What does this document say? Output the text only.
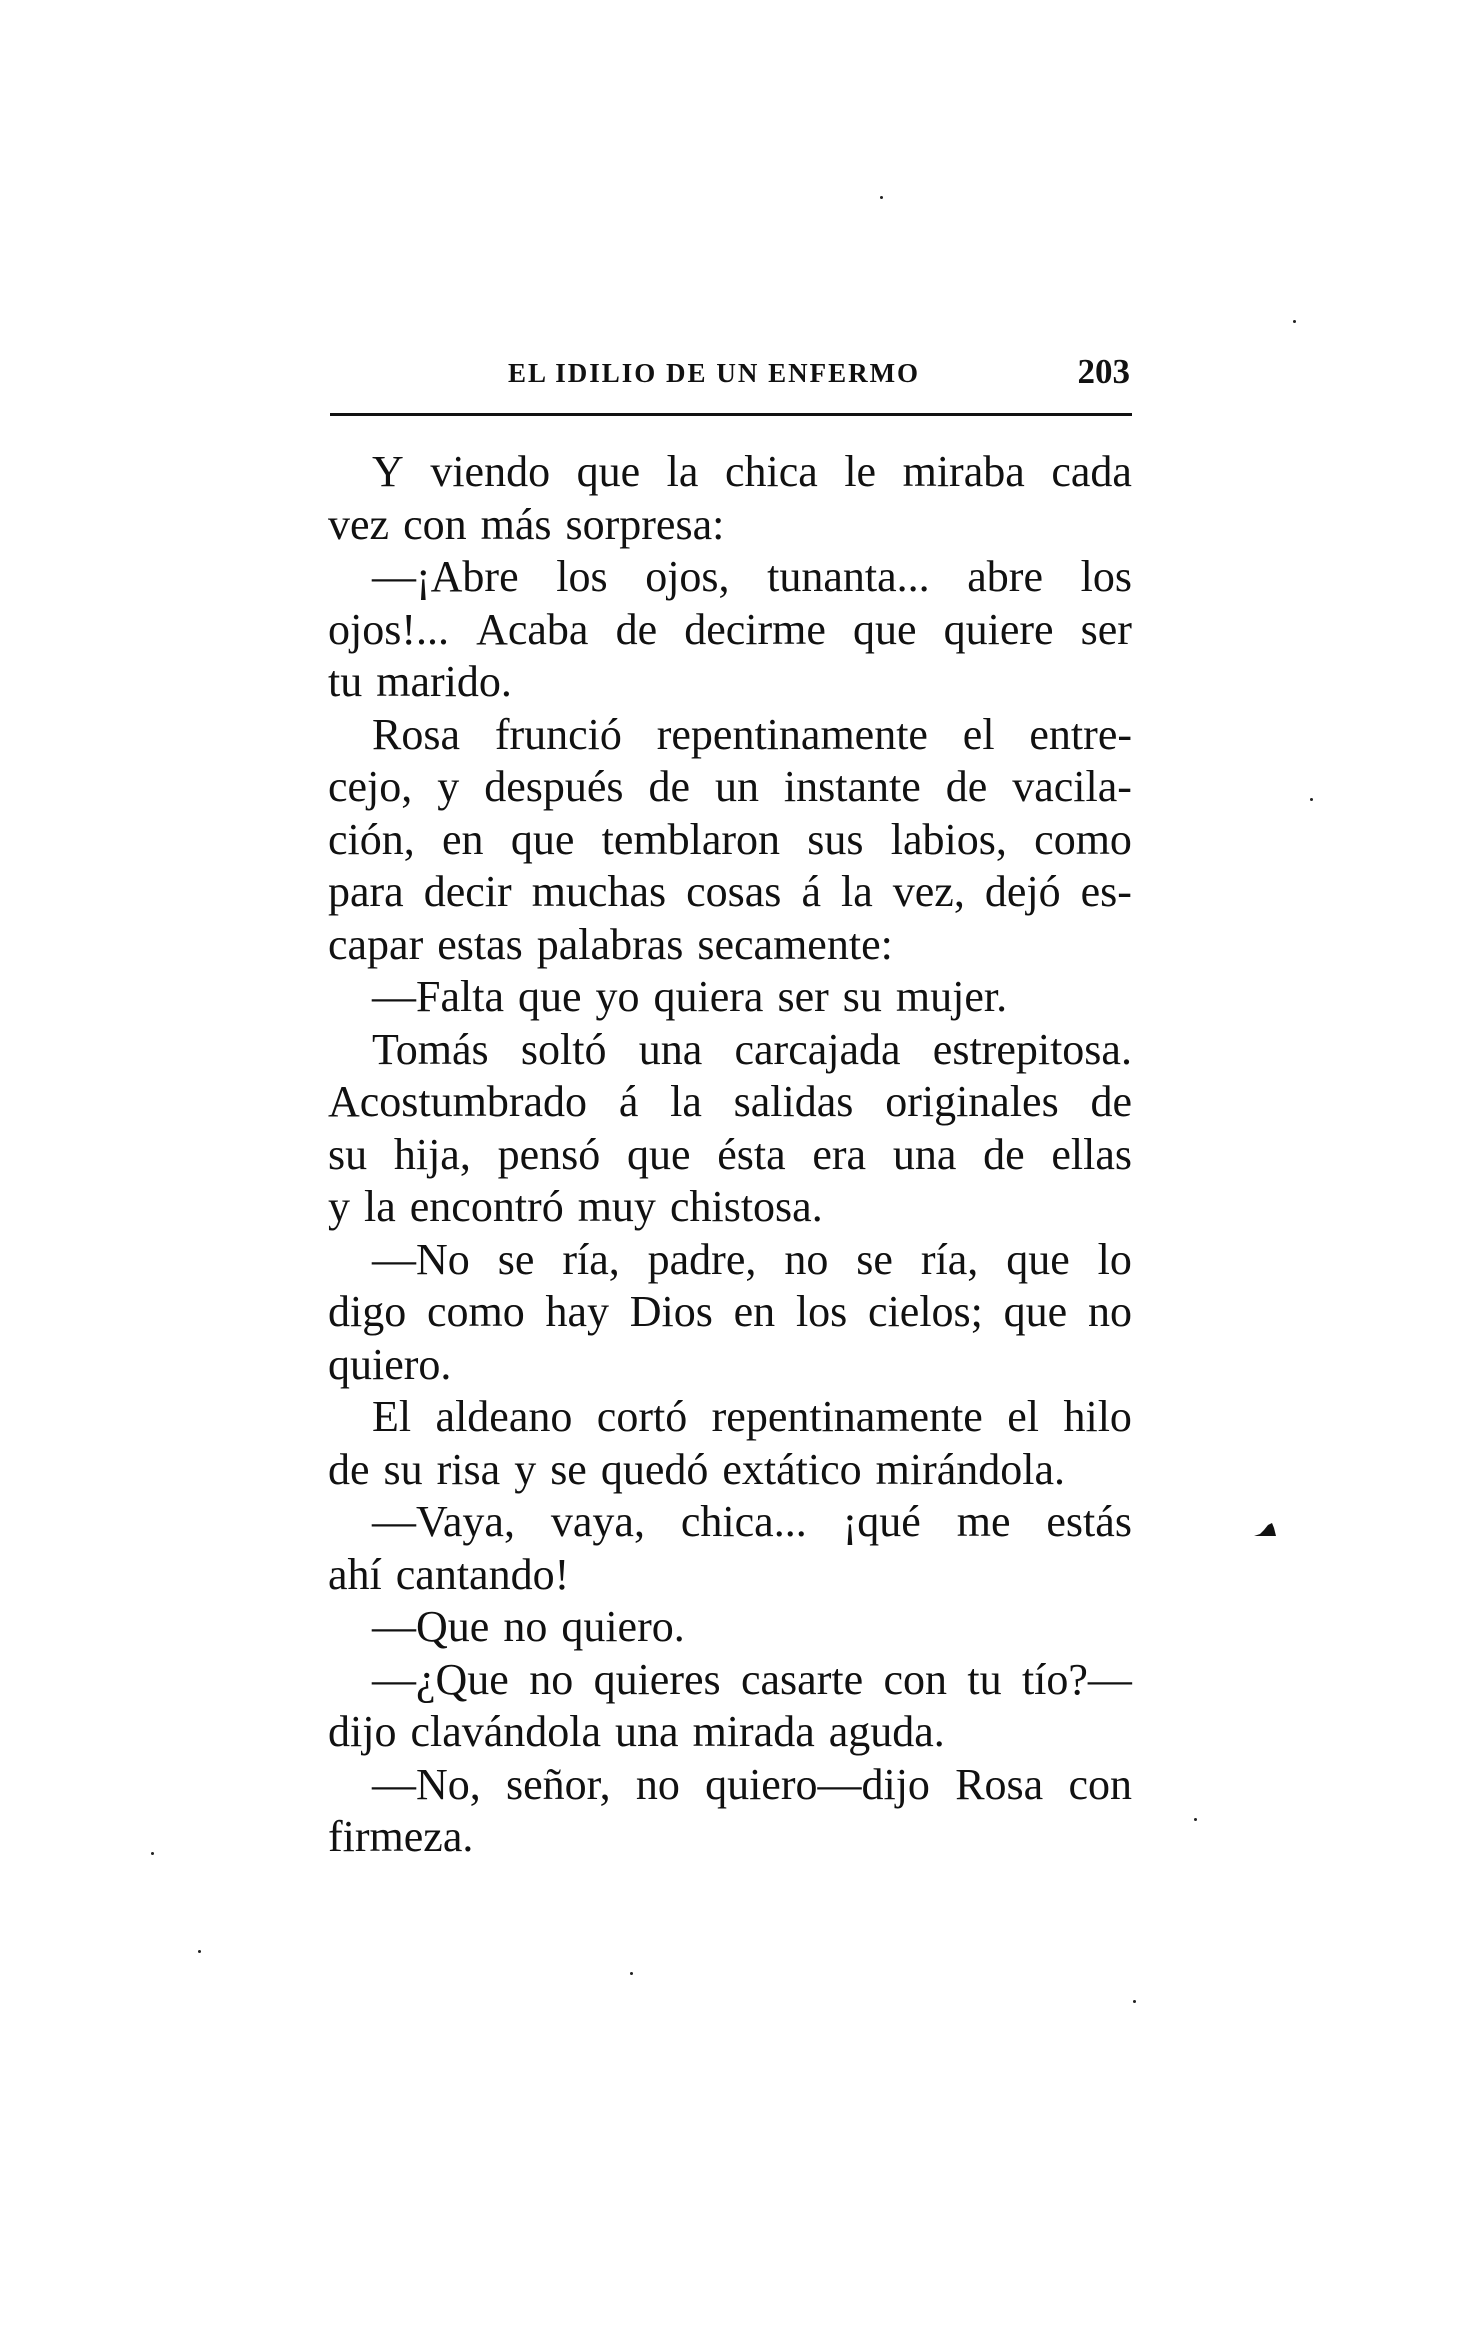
EL IDILIO DE UN ENFERMO	203
Y viendo que la chica le miraba cada
vez con más sorpresa:
—¡Abre los ojos, tunanta... abre los
ojos!... Acaba de decirme que quiere ser
tu marido.
Rosa frunció repentinamente el entre-
cejo, y después de un instante de vacila-
ción, en que temblaron sus labios, como
para decir muchas cosas á la vez, dejó es-
capar estas palabras secamente:
—Falta que yo quiera ser su mujer.
Tomás soltó una carcajada estrepitosa.
Acostumbrado á la salidas originales de
su hija, pensó que ésta era una de ellas
y la encontró muy chistosa.
—No se ría, padre, no se ría, que lo
digo como hay Dios en los cielos; que no
quiero.
El aldeano cortó repentinamente el hilo
de su risa y se quedó extático mirándola.
—Vaya, vaya, chica... ¡qué me estás
ahí cantando!
—Que no quiero.
—¿Que no quieres casarte con tu tío?—
dijo clavándola una mirada aguda.
—No, señor, no quiero—dijo Rosa con
firmeza.
